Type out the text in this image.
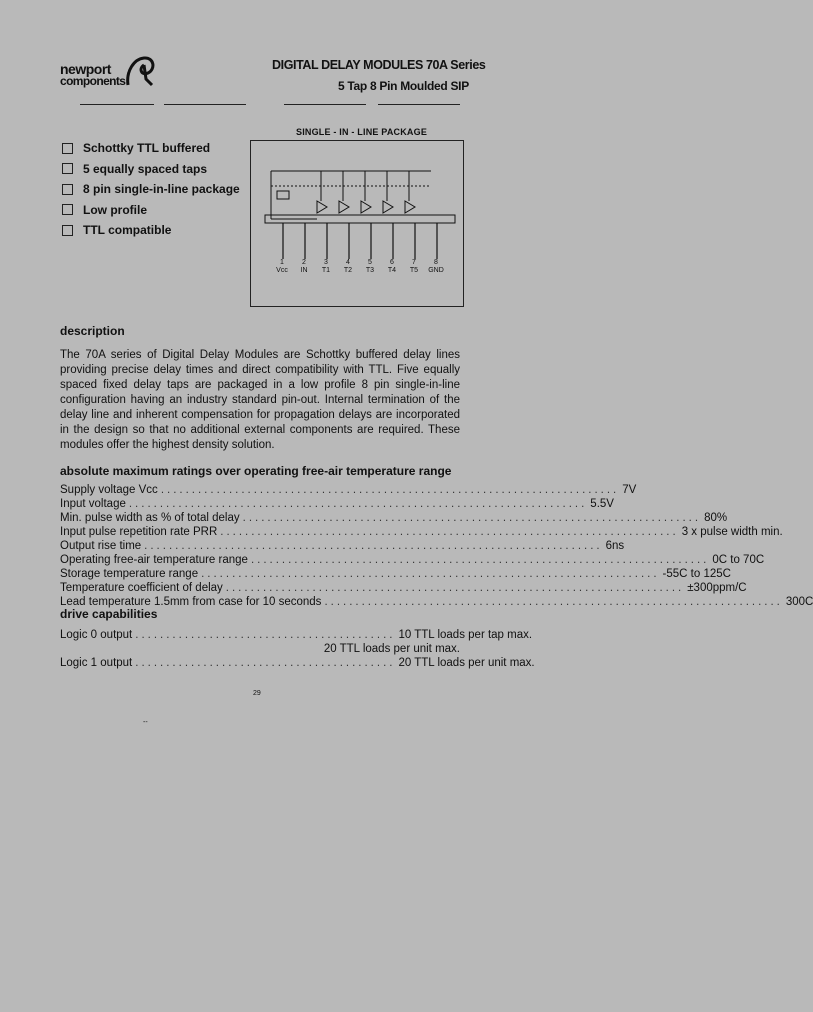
newport
components
DIGITAL DELAY MODULES 70A Series
5 Tap 8 Pin Moulded SIP
Schottky TTL buffered
5 equally spaced taps
8 pin single-in-line package
Low profile
TTL compatible
SINGLE - IN - LINE PACKAGE
1	2	3	4	5	6	7	8
Vcc	IN	T1	T2	T3	T4	T5	GND
description
The 70A series of Digital Delay Modules are Schottky buffered delay lines providing precise delay times and direct compatibility with TTL. Five equally spaced fixed delay taps are packaged in a low profile 8 pin single-in-line configuration having an industry standard pin-out. Internal termination of the delay line and inherent compensation for propagation delays are incorporated in the design so that no additional external components are required. These modules offer the highest density solution.
absolute maximum ratings over operating free-air temperature range
Supply voltage Vcc .......................................................................... 7V
Input voltage .......................................................................... 5.5V
Min. pulse width as % of total delay .......................................................................... 80%
Input pulse repetition rate PRR .......................................................................... 3 x pulse width min.
Output rise time .......................................................................... 6ns
Operating free-air temperature range .......................................................................... 0C to 70C
Storage temperature range .......................................................................... -55C to 125C
Temperature coefficient of delay .......................................................................... ±300ppm/C
Lead temperature 1.5mm from case for 10 seconds .......................................................................... 300C
drive capabilities
Logic 0 output .......................................... 10 TTL loads per tap max.
20 TTL loads per unit max.
Logic 1 output .......................................... 20 TTL loads per unit max.
29
--
